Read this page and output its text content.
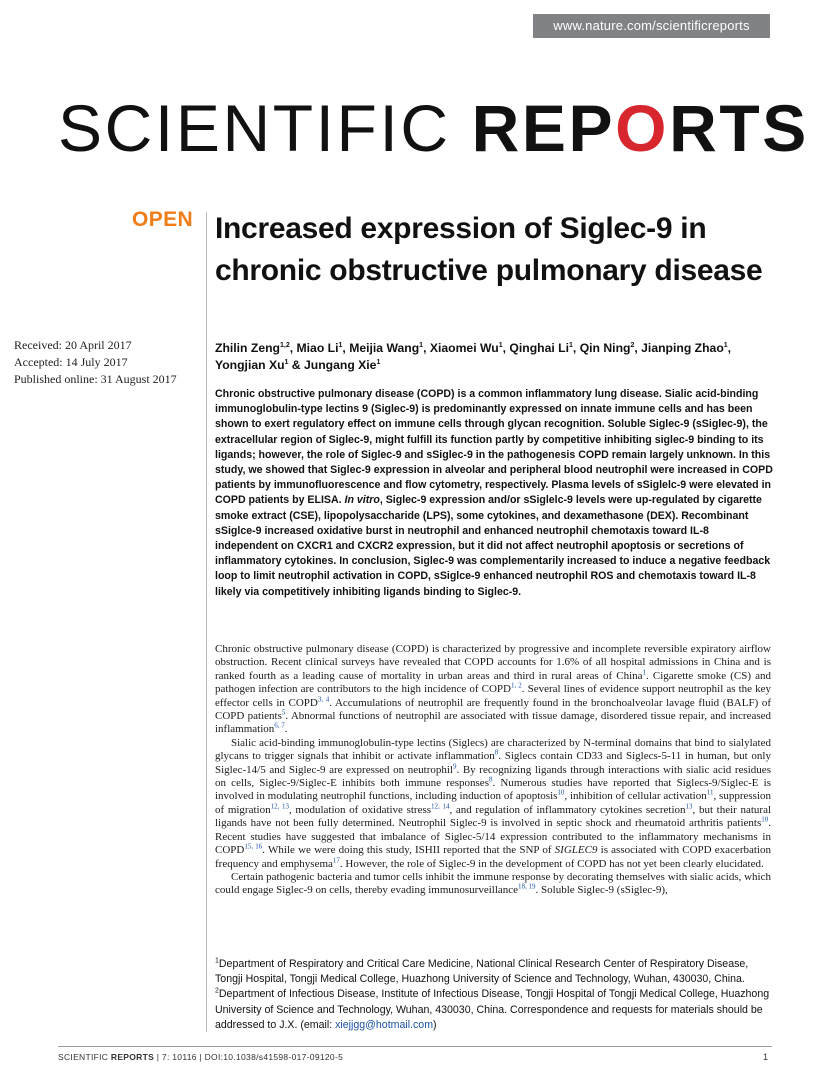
www.nature.com/scientificreports
SCIENTIFIC REPORTS
OPEN Increased expression of Siglec-9 in chronic obstructive pulmonary disease
Received: 20 April 2017
Accepted: 14 July 2017
Published online: 31 August 2017
Zhilin Zeng$^{1,2}$, Miao Li$^1$, Meijia Wang$^1$, Xiaomei Wu$^1$, Qinghai Li$^1$, Qin Ning$^2$, Jianping Zhao$^1$, Yongjian Xu$^1$ & Jungang Xie$^1$
Chronic obstructive pulmonary disease (COPD) is a common inflammatory lung disease. Sialic acid-binding immunoglobulin-type lectins 9 (Siglec-9) is predominantly expressed on innate immune cells and has been shown to exert regulatory effect on immune cells through glycan recognition. Soluble Siglec-9 (sSiglec-9), the extracellular region of Siglec-9, might fulfill its function partly by competitive inhibiting siglec-9 binding to its ligands; however, the role of Siglec-9 and sSiglec-9 in the pathogenesis COPD remain largely unknown. In this study, we showed that Siglec-9 expression in alveolar and peripheral blood neutrophil were increased in COPD patients by immunofluorescence and flow cytometry, respectively. Plasma levels of sSiglelc-9 were elevated in COPD patients by ELISA. In vitro, Siglec-9 expression and/or sSiglelc-9 levels were up-regulated by cigarette smoke extract (CSE), lipopolysaccharide (LPS), some cytokines, and dexamethasone (DEX). Recombinant sSiglce-9 increased oxidative burst in neutrophil and enhanced neutrophil chemotaxis toward IL-8 independent on CXCR1 and CXCR2 expression, but it did not affect neutrophil apoptosis or secretions of inflammatory cytokines. In conclusion, Siglec-9 was complementarily increased to induce a negative feedback loop to limit neutrophil activation in COPD, sSiglce-9 enhanced neutrophil ROS and chemotaxis toward IL-8 likely via competitively inhibiting ligands binding to Siglec-9.

Chronic obstructive pulmonary disease (COPD) is characterized by progressive and incomplete reversible expiratory airflow obstruction. Recent clinical surveys have revealed that COPD accounts for 1.6% of all hospital admissions in China and is ranked fourth as a leading cause of mortality in urban areas and third in rural areas of China$^1$. Cigarette smoke (CS) and pathogen infection are contributors to the high incidence of COPD$^{1, 2}$. Several lines of evidence support neutrophil as the key effector cells in COPD$^{3, 4}$. Accumulations of neutrophil are frequently found in the bronchoalveolar lavage fluid (BALF) of COPD patients$^5$. Abnormal functions of neutrophil are associated with tissue damage, disordered tissue repair, and increased inflammation$^{6, 7}$.

Sialic acid-binding immunoglobulin-type lectins (Siglecs) are characterized by N-terminal domains that bind to sialylated glycans to trigger signals that inhibit or activate inflammation$^8$. Siglecs contain CD33 and Siglecs-5-11 in human, but only Siglec-14/5 and Siglec-9 are expressed on neutrophil$^9$. By recognizing ligands through interactions with sialic acid residues on cells, Siglec-9/Siglec-E inhibits both immune responses$^8$. Numerous studies have reported that Siglecs-9/Siglec-E is involved in modulating neutrophil functions, including induction of apoptosis$^{10}$, inhibition of cellular activation$^{11}$, suppression of migration$^{12, 13}$, modulation of oxidative stress$^{12, 14}$, and regulation of inflammatory cytokines secretion$^{13}$, but their natural ligands have not been fully determined. Neutrophil Siglec-9 is involved in septic shock and rheumatoid arthritis patients$^{10}$. Recent studies have suggested that imbalance of Siglec-5/14 expression contributed to the inflammatory mechanisms in COPD$^{15, 16}$. While we were doing this study, ISHII reported that the SNP of SIGLEC9 is associated with COPD exacerbation frequency and emphysema$^{17}$. However, the role of Siglec-9 in the development of COPD has not yet been clearly elucidated.

Certain pathogenic bacteria and tumor cells inhibit the immune response by decorating themselves with sialic acids, which could engage Siglec-9 on cells, thereby evading immunosurveillance$^{18, 19}$. Soluble Siglec-9 (sSiglec-9),

$^1$Department of Respiratory and Critical Care Medicine, National Clinical Research Center of Respiratory Disease, Tongji Hospital, Tongji Medical College, Huazhong University of Science and Technology, Wuhan, 430030, China. $^2$Department of Infectious Disease, Institute of Infectious Disease, Tongji Hospital of Tongji Medical College, Huazhong University of Science and Technology, Wuhan, 430030, China. Correspondence and requests for materials should be addressed to J.X. (email: xiejjgg@hotmail.com)
SCIENTIFIC REPORTS | 7: 10116 | DOI:10.1038/s41598-017-09120-5	1
